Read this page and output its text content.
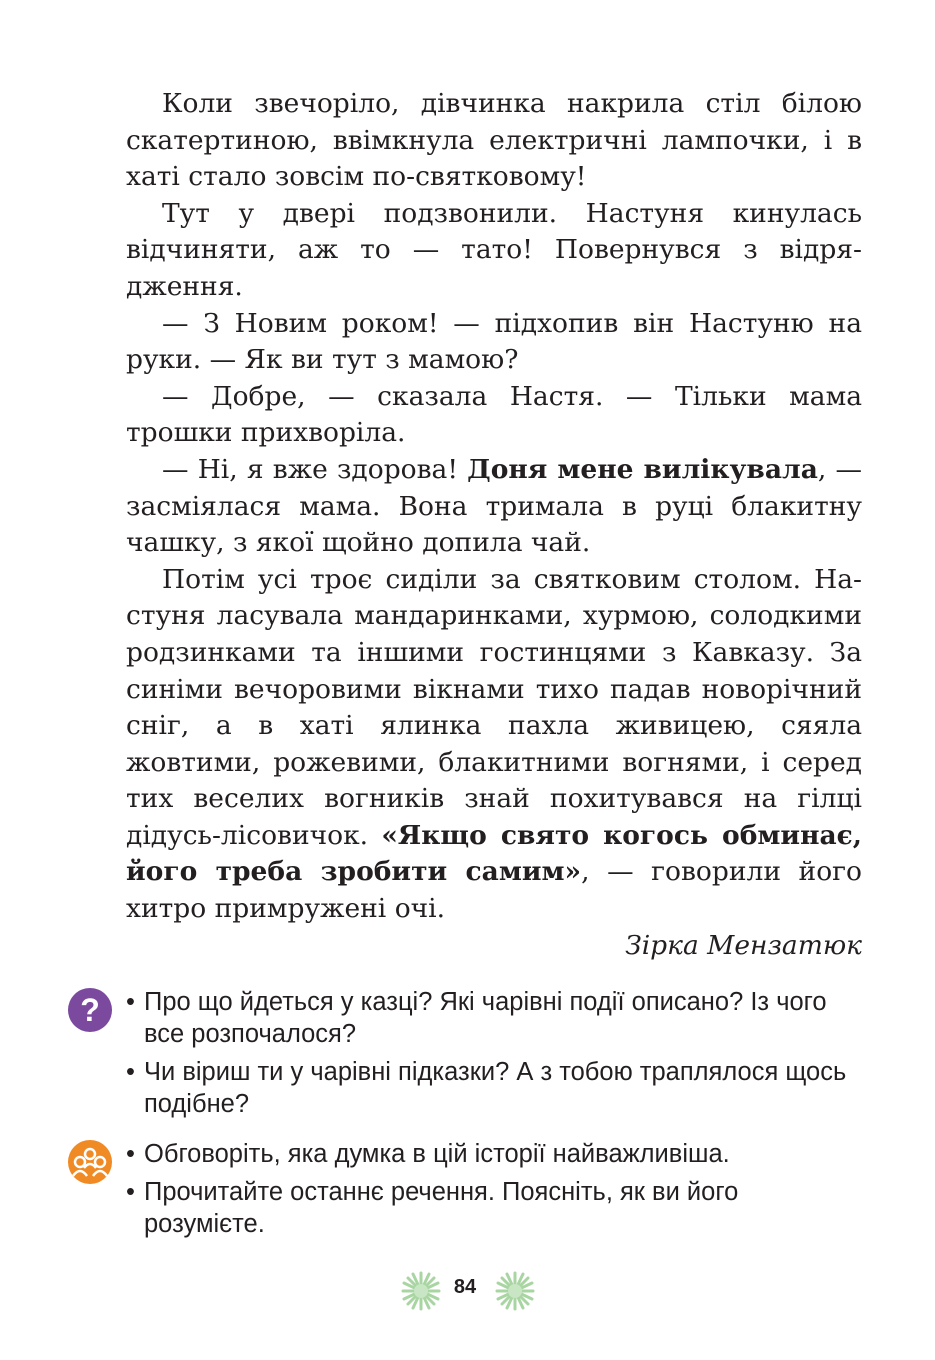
Коли звечоріло, дівчинка накрила стіл білою скатертиною, ввімкнула електричні лампочки, і в хаті стало зовсім по-святковому!

Тут у двері подзвонили. Настуня кинулась відчиняти, аж то — тато! Повернувся з відрядження.

— З Новим роком! — підхопив він Настуню на руки. — Як ви тут з мамою?

— Добре, — сказала Настя. — Тільки мама трошки прихворіла.

— Ні, я вже здорова! Доня мене вилікувала, — засміялася мама. Вона тримала в руці блакитну чашку, з якої щойно допила чай.

Потім усі троє сиділи за святковим столом. Настуня ласувала мандаринками, хурмою, солодкими родзинками та іншими гостинцями з Кавказу. За синіми вечоровими вікнами тихо падав новорічний сніг, а в хаті ялинка пахла живицею, сяяла жовтими, рожевими, блакитними вогнями, і серед тих веселих вогників знай похитувався на гілці дідусь-лісовичок. «Якщо свято когось обминає, його треба зробити самим», — говорили його хитро примружені очі.

Зірка Мензатюк

? • Про що йдеться у казці? Які чарівні події описано? Із чого все розпочалося?
• Чи віриш ти у чарівні підказки? А з тобою траплялося щось подібне?
• Обговоріть, яка думка в цій історії найважливіша.
• Прочитайте останнє речення. Поясніть, як ви його розумієте.
84
